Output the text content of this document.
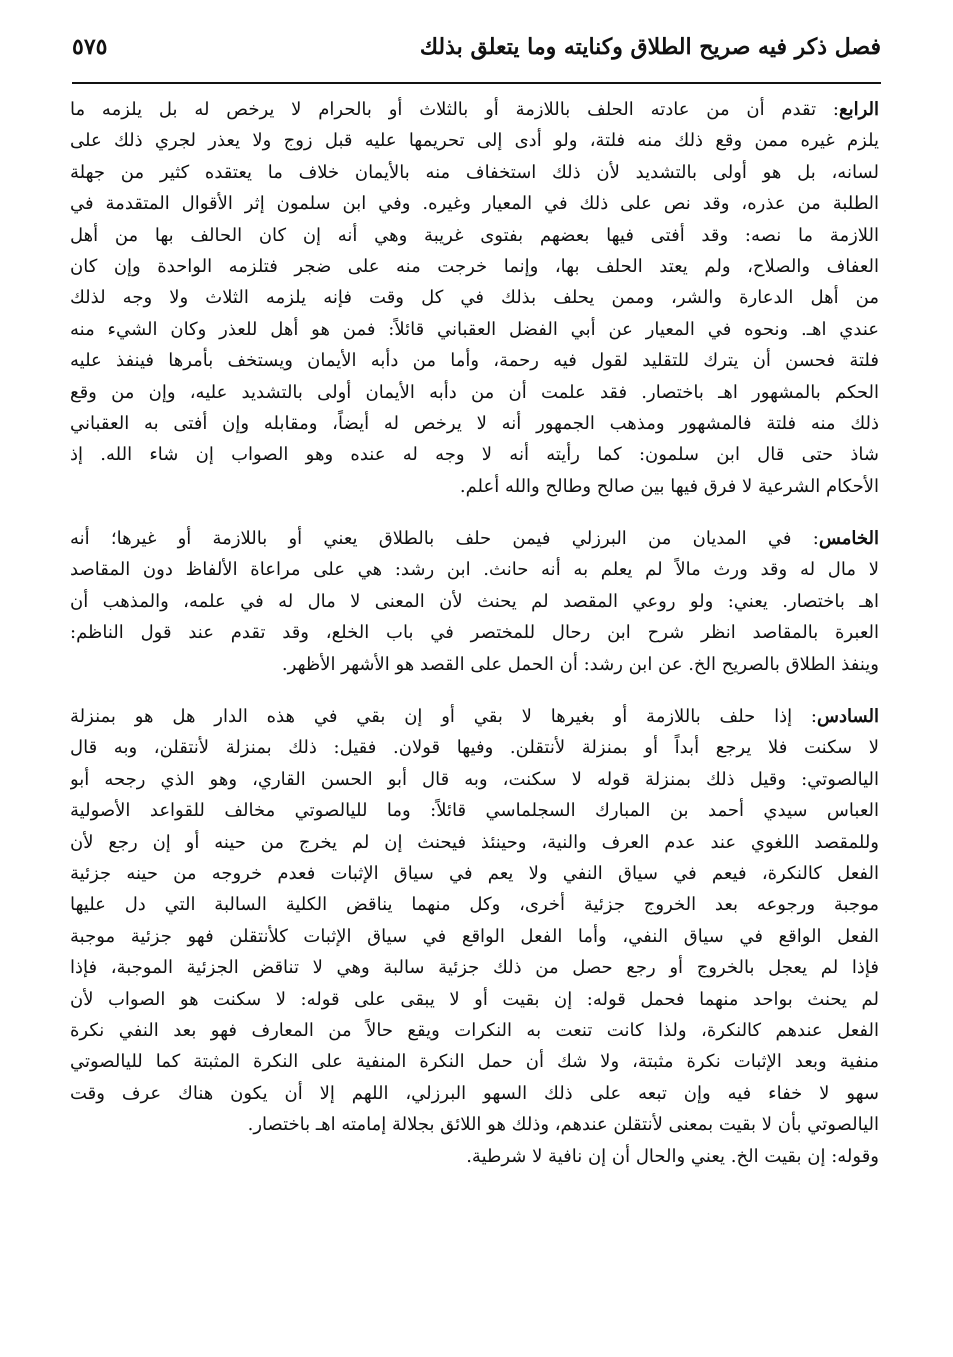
فصل ذكر فيه صريح الطلاق وكنايته وما يتعلق بذلك
٥٧٥
الرابع: تقدم أن من عادته الحلف باللازمة أو بالثلاث أو بالحرام لا يرخص له بل يلزمه ما
يلزم غيره ممن وقع ذلك منه فلتة، ولو أدى إلى تحريمها عليه قبل زوج ولا يعذر لجري ذلك على
لسانه، بل هو أولى بالتشديد لأن ذلك استخفاف منه بالأيمان خلاف ما يعتقده كثير من جهلة
الطلبة من عذره، وقد نص على ذلك في المعيار وغيره. وفي ابن سلمون إثر الأقوال المتقدمة في
اللازمة ما نصه: وقد أفتى فيها بعضهم بفتوى غريبة وهي أنه إن كان الحالف بها من أهل
العفاف والصلاح، ولم يعتد الحلف بها، وإنما خرجت منه على ضجر فتلزمه الواحدة وإن كان
من أهل الدعارة والشر، وممن يحلف بذلك في كل وقت فإنه يلزمه الثلاث ولا وجه لذلك
عندي اهـ. ونحوه في المعيار عن أبي الفضل العقباني قائلاً: فمن هو أهل للعذر وكان الشيء منه
فلتة فحسن أن يترك للتقليد لقول فيه رحمة، وأما من دأبه الأيمان ويستخف بأمرها فينفذ عليه
الحكم بالمشهور اهـ باختصار. فقد علمت أن من دأبه الأيمان أولى بالتشديد عليه، وإن من وقع
ذلك منه فلتة فالمشهور ومذهب الجمهور أنه لا يرخص له أيضاً، ومقابله وإن أفتى به العقباني
شاذ حتى قال ابن سلمون: كما رأيته أنه لا وجه له عنده وهو الصواب إن شاء الله. إذ
الأحكام الشرعية لا فرق فيها بين صالح وطالح والله أعلم.
الخامس: في المديان من البرزلي فيمن حلف بالطلاق يعني أو باللازمة أو غيرها؛ أنه
لا مال له وقد ورث مالاً لم يعلم به أنه حانث. ابن رشد: هي على مراعاة الألفاظ دون المقاصد
اهـ باختصار. يعني: ولو روعي المقصد لم يحنث لأن المعنى لا مال له في علمه، والمذهب أن
العبرة بالمقاصد انظر شرح ابن رحال للمختصر في باب الخلع، وقد تقدم عند قول الناظم:
وينفذ الطلاق بالصريح الخ. عن ابن رشد: أن الحمل على القصد هو الأشهر الأظهر.
السادس: إذا حلف باللازمة أو بغيرها لا بقي أو إن بقي في هذه الدار هل هو بمنزلة
لا سكنت فلا يرجع أبداً أو بمنزلة لأنتقلن. وفيها قولان. فقيل: ذلك بمنزلة لأنتقلن، وبه قال
اليالصوتي: وقيل ذلك بمنزلة قوله لا سكنت، وبه قال أبو الحسن القاري، وهو الذي رجحه أبو
العباس سيدي أحمد بن المبارك السجلماسي قائلاً: وما لليالصوتي مخالف للقواعد الأصولية
وللمقصد اللغوي عند عدم العرف والنية، وحينئذ فيحنث إن لم يخرج من حينه أو إن رجع لأن
الفعل كالنكرة، فيعم في سياق النفي ولا يعم في سياق الإثبات فعدم خروجه من حينه جزئية
موجبة ورجوعه بعد الخروج جزئية أخرى، وكل منهما يناقض الكلية السالبة التي دل عليها
الفعل الواقع في سياق النفي، وأما الفعل الواقع في سياق الإثبات كلأنتقلن فهو جزئية موجبة
فإذا لم يعجل بالخروج أو رجع حصل من ذلك جزئية سالبة وهي لا تناقض الجزئية الموجبة، فإذا
لم يحنث بواحد منهما فحمل قوله: إن بقيت أو لا يبقى على قوله: لا سكنت هو الصواب لأن
الفعل عندهم كالنكرة، ولذا كانت تنعت به النكرات ويقع حالاً من المعارف فهو بعد النفي نكرة
منفية وبعد الإثبات نكرة مثبتة، ولا شك أن حمل النكرة المنفية على النكرة المثبتة كما لليالصوتي
سهو لا خفاء فيه وإن تبعه على ذلك السهو البرزلي، اللهم إلا أن يكون هناك عرف وقت
اليالصوتي بأن لا بقيت بمعنى لأنتقلن عندهم، وذلك هو اللائق بجلالة إمامته اهـ باختصار.
وقوله: إن بقيت الخ. يعني والحال أن إن نافية لا شرطية.
